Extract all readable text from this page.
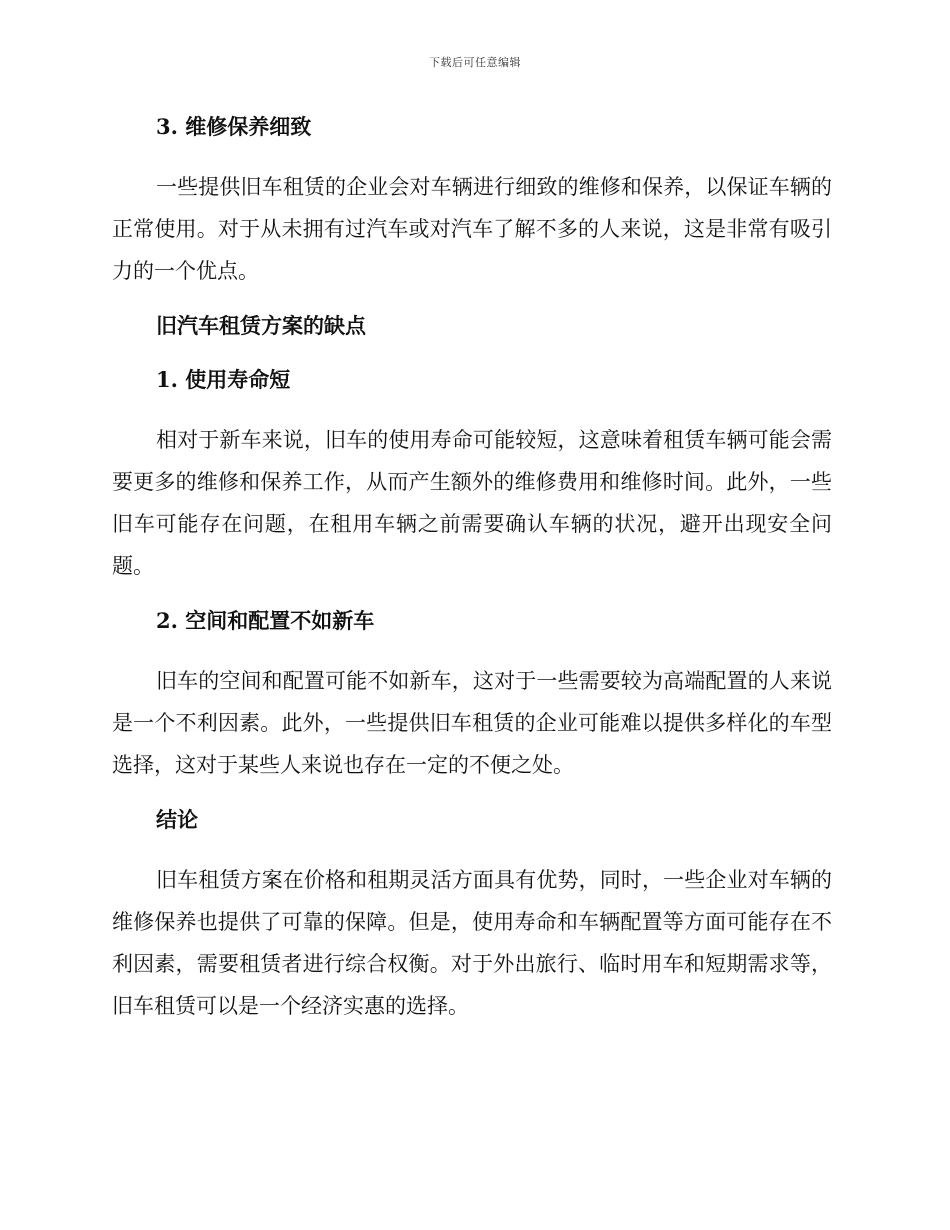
下载后可任意编辑
3. 维修保养细致

一些提供旧车租赁的企业会对车辆进行细致的维修和保养，以保证车辆的正常使用。对于从未拥有过汽车或对汽车了解不多的人来说，这是非常有吸引力的一个优点。

旧汽车租赁方案的缺点
1. 使用寿命短

相对于新车来说，旧车的使用寿命可能较短，这意味着租赁车辆可能会需要更多的维修和保养工作，从而产生额外的维修费用和维修时间。此外，一些旧车可能存在问题，在租用车辆之前需要确认车辆的状况，避开出现安全问题。

2. 空间和配置不如新车

旧车的空间和配置可能不如新车，这对于一些需要较为高端配置的人来说是一个不利因素。此外，一些提供旧车租赁的企业可能难以提供多样化的车型选择，这对于某些人来说也存在一定的不便之处。

结论

旧车租赁方案在价格和租期灵活方面具有优势，同时，一些企业对车辆的维修保养也提供了可靠的保障。但是，使用寿命和车辆配置等方面可能存在不利因素，需要租赁者进行综合权衡。对于外出旅行、临时用车和短期需求等，旧车租赁可以是一个经济实惠的选择。
